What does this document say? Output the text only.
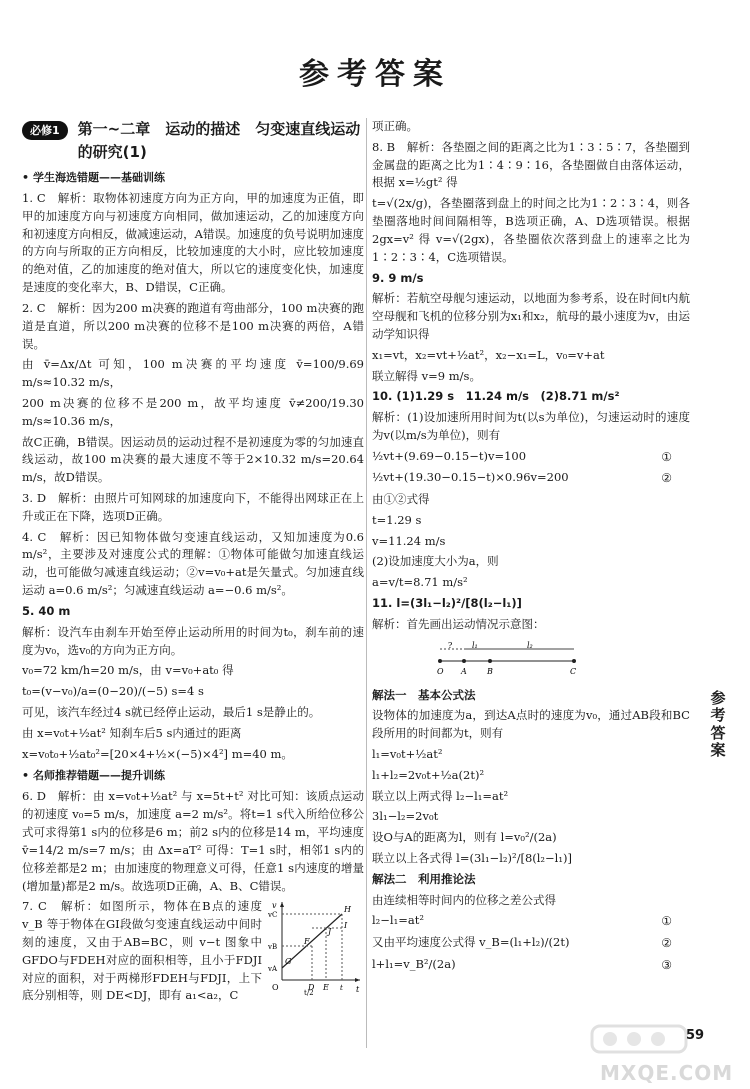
参考答案
必修1	第一~二章　运动的描述　匀变速直线运动的研究(1)
• 学生海选错题——基础训练
1. C　解析：取物体初速度方向为正方向，甲的加速度为正值，即甲的加速度方向与初速度方向相同，做加速运动，乙的加速度方向和初速度方向相反，做减速运动，A错误。加速度的负号说明加速度的方向与所取的正方向相反，比较加速度的大小时，应比较加速度的绝对值，乙的加速度的绝对值大，所以它的速度变化快，加速度是速度的变化率大，B、D错误，C正确。
2. C　解析：因为200 m决赛的跑道有弯曲部分，100 m决赛的跑道是直道，所以200 m决赛的位移不是100 m决赛的两倍，A错误。
由 v̄=Δx/Δt 可知，100 m决赛的平均速度 v̄=100/9.69 m/s≈10.32 m/s，
200 m决赛的位移不是200 m，故平均速度 v̄≠200/19.30 m/s≈10.36 m/s，
故C正确，B错误。因运动员的运动过程不是初速度为零的匀加速直线运动，故100 m决赛的最大速度不等于2×10.32 m/s=20.64 m/s，故D错误。
3. D　解析：由照片可知网球的加速度向下，不能得出网球正在上升或正在下降，选项D正确。
4. C　解析：因已知物体做匀变速直线运动，又知加速度为0.6 m/s²，主要涉及对速度公式的理解：①物体可能做匀加速直线运动，也可能做匀减速直线运动；②v=v₀+at是矢量式。匀加速直线运动 a=0.6 m/s²；匀减速直线运动 a=−0.6 m/s²。
5. 40 m
解析：设汽车由刹车开始至停止运动所用的时间为t₀，刹车前的速度为v₀，选v₀的方向为正方向。
v₀=72 km/h=20 m/s，由 v=v₀+at₀ 得
t₀=(v−v₀)/a=(0−20)/(−5) s=4 s
可见，该汽车经过4 s就已经停止运动，最后1 s是静止的。
由 x=v₀t+½at² 知刹车后5 s内通过的距离
x=v₀t₀+½at₀²=[20×4+½×(−5)×4²] m=40 m。
• 名师推荐错题——提升训练
6. D　解析：由 x=v₀t+½at² 与 x=5t+t² 对比可知：该质点运动的初速度 v₀=5 m/s，加速度 a=2 m/s²。将t=1 s代入所给位移公式可求得第1 s内的位移是6 m；前2 s内的位移是14 m，平均速度 v̄=14/2 m/s=7 m/s；由 Δx=aT² 可得：T=1 s时，相邻1 s内的位移差都是2 m；由加速度的物理意义可得，任意1 s内速度的增量(增加量)都是2 m/s。故选项D正确，A、B、C错误。
v
t
O
vC
vB
vA
H
I
J
F
G
D E
t/2
t
7. C　解析：如图所示，物体在B点的速度 v_B 等于物体在GI段做匀变速直线运动中间时刻的速度，又由于AB=BC，则 v−t 图象中GFDO与FDEH对应的面积相等，且小于FDJI对应的面积，对于两梯形FDEH与FDJI，上下底分别相等，则 DE<DJ，即有 a₁<a₂，C
项正确。
8. B　解析：各垫圈之间的距离之比为1∶3∶5∶7，各垫圈到金属盘的距离之比为1∶4∶9∶16，各垫圈做自由落体运动，根据 x=½gt² 得
t=√(2x/g)，各垫圈落到盘上的时间之比为1∶2∶3∶4，则各垫圈落地时间间隔相等，B选项正确，A、D选项错误。根据 2gx=v² 得 v=√(2gx)，各垫圈依次落到盘上的速率之比为1∶2∶3∶4，C选项错误。
9. 9 m/s
解析：若航空母舰匀速运动，以地面为参考系，设在时间t内航空母舰和飞机的位移分别为x₁和x₂，航母的最小速度为v，由运动学知识得
x₁=vt，x₂=vt+½at²，x₂−x₁=L，v₀=v+at
联立解得 v=9 m/s。
10. (1)1.29 s　11.24 m/s　(2)8.71 m/s²
解析：(1)设加速所用时间为t(以s为单位)，匀速运动时的速度为v(以m/s为单位)，则有
½vt+(9.69−0.15−t)v=100	①
½vt+(19.30−0.15−t)×0.96v=200	②
由①②式得
t=1.29 s
v=11.24 m/s
(2)设加速度大小为a，则
a=v/t=8.71 m/s²
11. l=(3l₁−l₂)²/[8(l₂−l₁)]
解析：首先画出运动情况示意图：
? l₁	l₂
O A	B	C
解法一　基本公式法
设物体的加速度为a，到达A点时的速度为v₀，通过AB段和BC段所用的时间都为t，则有
l₁=v₀t+½at²
l₁+l₂=2v₀t+½a(2t)²
联立以上两式得 l₂−l₁=at²
3l₁−l₂=2v₀t
设O与A的距离为l，则有 l=v₀²/(2a)
联立以上各式得 l=(3l₁−l₂)²/[8(l₂−l₁)]
解法二　利用推论法
由连续相等时间内的位移之差公式得
l₂−l₁=at²	①
又由平均速度公式得 v_B=(l₁+l₂)/(2t)	②
l+l₁=v_B²/(2a)	③
参考答案
MXQE.COM
59
